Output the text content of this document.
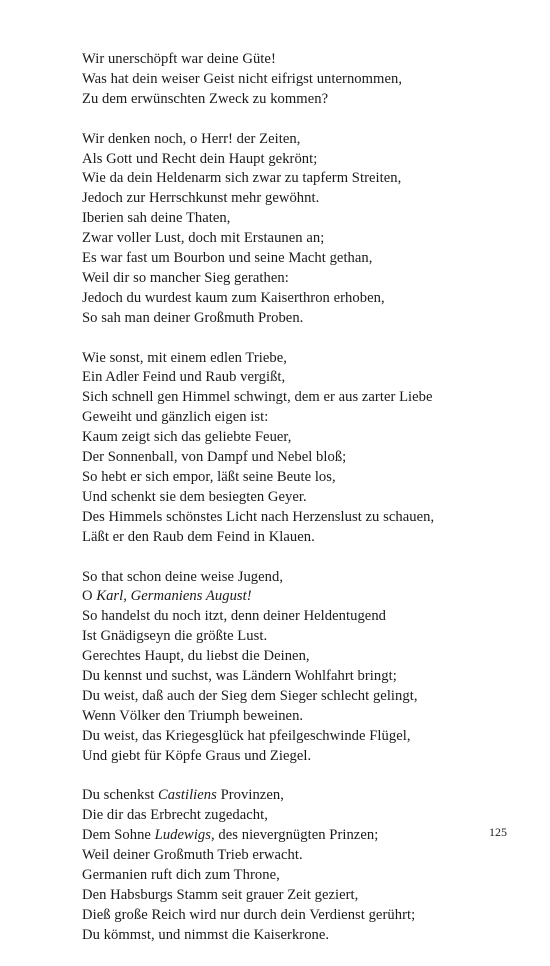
Wir unerschöpft war deine Güte!
Was hat dein weiser Geist nicht eifrigst unternommen,
Zu dem erwünschten Zweck zu kommen?
Wir denken noch, o Herr! der Zeiten,
Als Gott und Recht dein Haupt gekrönt;
Wie da dein Heldenarm sich zwar zu tapferm Streiten,
Jedoch zur Herrschkunst mehr gewöhnt.
Iberien sah deine Thaten,
Zwar voller Lust, doch mit Erstaunen an;
Es war fast um Bourbon und seine Macht gethan,
Weil dir so mancher Sieg gerathen:
Jedoch du wurdest kaum zum Kaiserthron erhoben,
So sah man deiner Großmuth Proben.
Wie sonst, mit einem edlen Triebe,
Ein Adler Feind und Raub vergißt,
Sich schnell gen Himmel schwingt, dem er aus zarter Liebe
Geweiht und gänzlich eigen ist:
Kaum zeigt sich das geliebte Feuer,
Der Sonnenball, von Dampf und Nebel bloß;
So hebt er sich empor, läßt seine Beute los,
Und schenkt sie dem besiegten Geyer.
Des Himmels schönstes Licht nach Herzenslust zu schauen,
Läßt er den Raub dem Feind in Klauen.
So that schon deine weise Jugend,
O Karl, Germaniens August!
So handelst du noch itzt, denn deiner Heldentugend
Ist Gnädigseyn die größte Lust.
Gerechtes Haupt, du liebst die Deinen,
Du kennst und suchst, was Ländern Wohlfahrt bringt;
Du weist, daß auch der Sieg dem Sieger schlecht gelingt,
Wenn Völker den Triumph beweinen.
Du weist, das Kriegesglück hat pfeilgeschwinde Flügel,
Und giebt für Köpfe Graus und Ziegel.
Du schenkst Castiliens Provinzen,
Die dir das Erbrecht zugedacht,
Dem Sohne Ludewigs, des nievergnügten Prinzen;
Weil deiner Großmuth Trieb erwacht.
Germanien ruft dich zum Throne,
Den Habsburgs Stamm seit grauer Zeit geziert,
Dieß große Reich wird nur durch dein Verdienst gerührt;
Du kömmst, und nimmst die Kaiserkrone.
125
